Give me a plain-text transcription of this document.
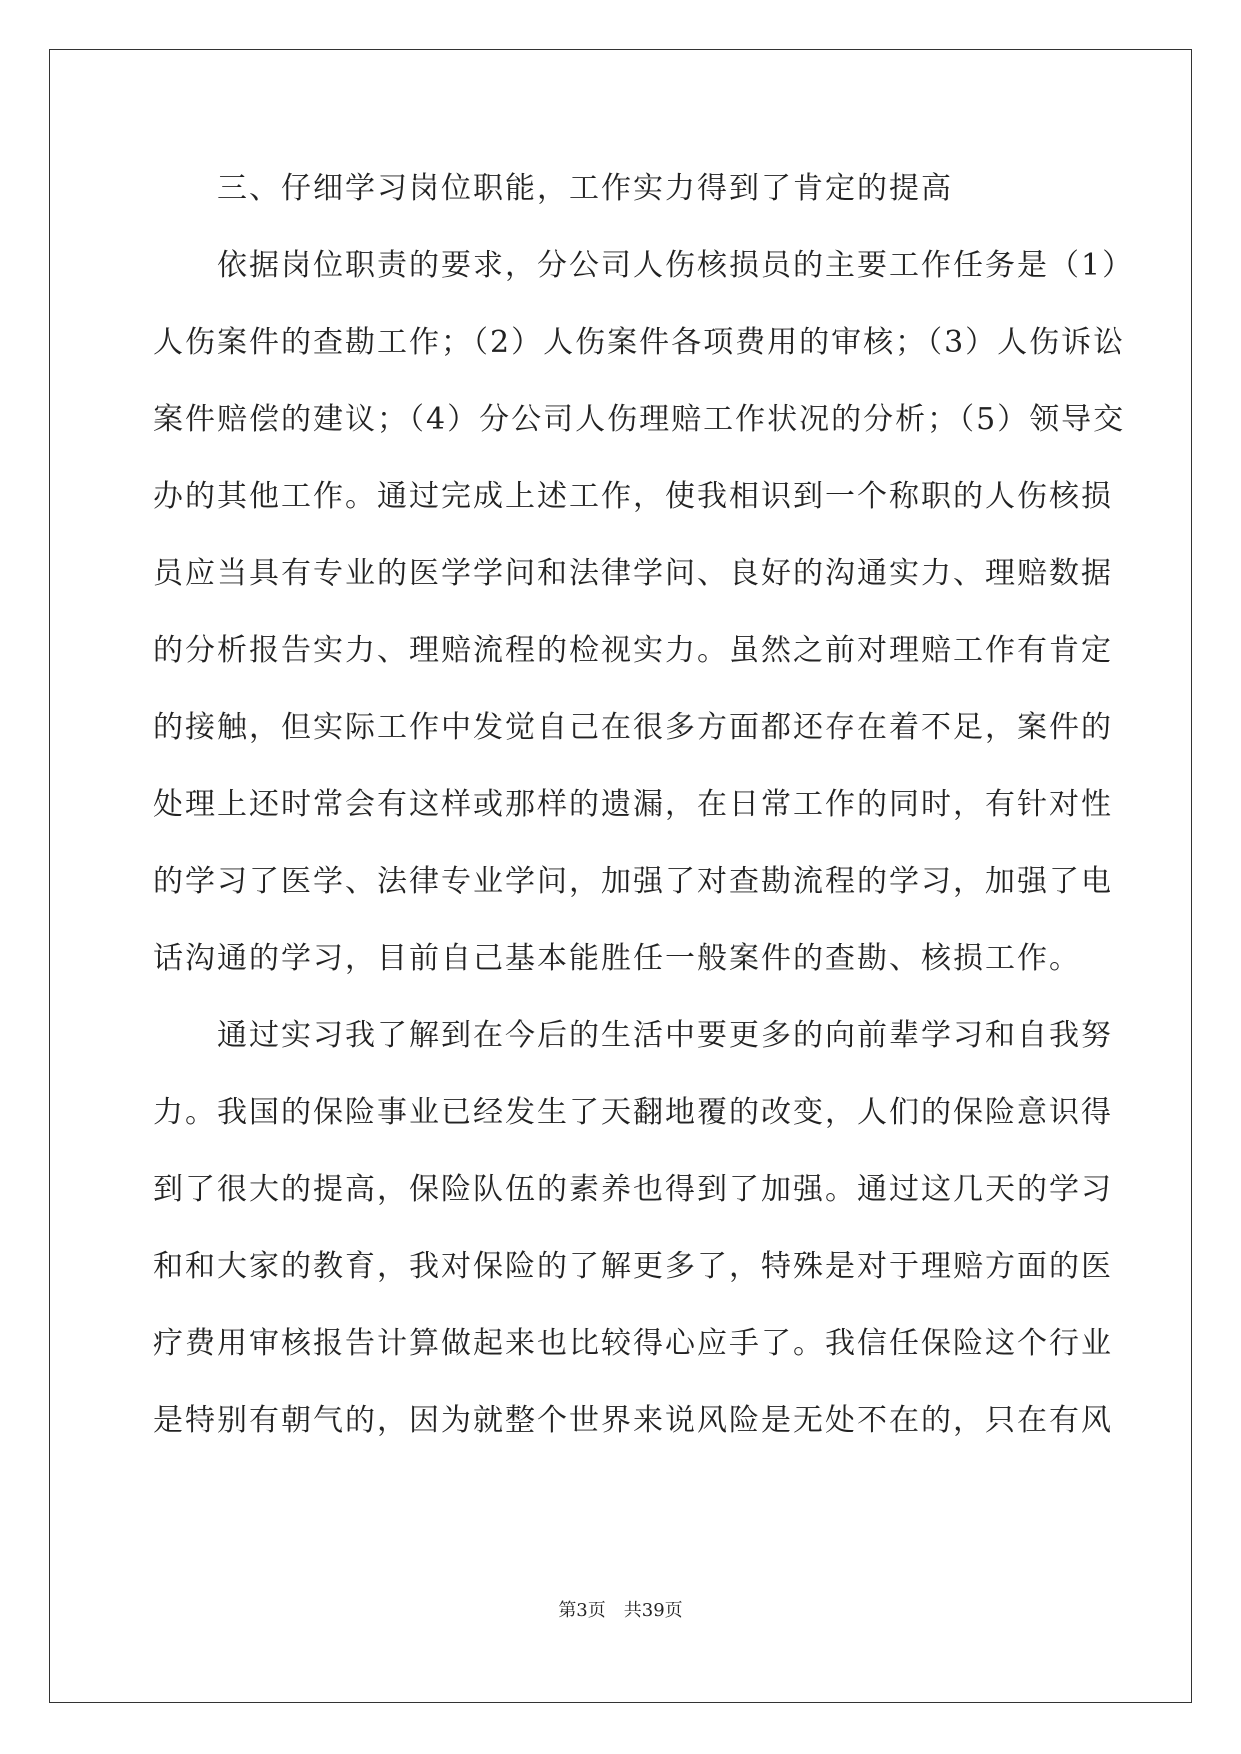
三、仔细学习岗位职能，工作实力得到了肯定的提高
依据岗位职责的要求，分公司人伤核损员的主要工作任务是（1）
人伤案件的查勘工作；（2）人伤案件各项费用的审核；（3）人伤诉讼
案件赔偿的建议；（4）分公司人伤理赔工作状况的分析；（5）领导交
办的其他工作。通过完成上述工作，使我相识到一个称职的人伤核损
员应当具有专业的医学学问和法律学问、良好的沟通实力、理赔数据
的分析报告实力、理赔流程的检视实力。虽然之前对理赔工作有肯定
的接触，但实际工作中发觉自己在很多方面都还存在着不足，案件的
处理上还时常会有这样或那样的遗漏，在日常工作的同时，有针对性
的学习了医学、法律专业学问，加强了对查勘流程的学习，加强了电
话沟通的学习，目前自己基本能胜任一般案件的查勘、核损工作。
通过实习我了解到在今后的生活中要更多的向前辈学习和自我努
力。我国的保险事业已经发生了天翻地覆的改变，人们的保险意识得
到了很大的提高，保险队伍的素养也得到了加强。通过这几天的学习
和和大家的教育，我对保险的了解更多了，特殊是对于理赔方面的医
疗费用审核报告计算做起来也比较得心应手了。我信任保险这个行业
是特别有朝气的，因为就整个世界来说风险是无处不在的，只在有风
第3页 共39页
